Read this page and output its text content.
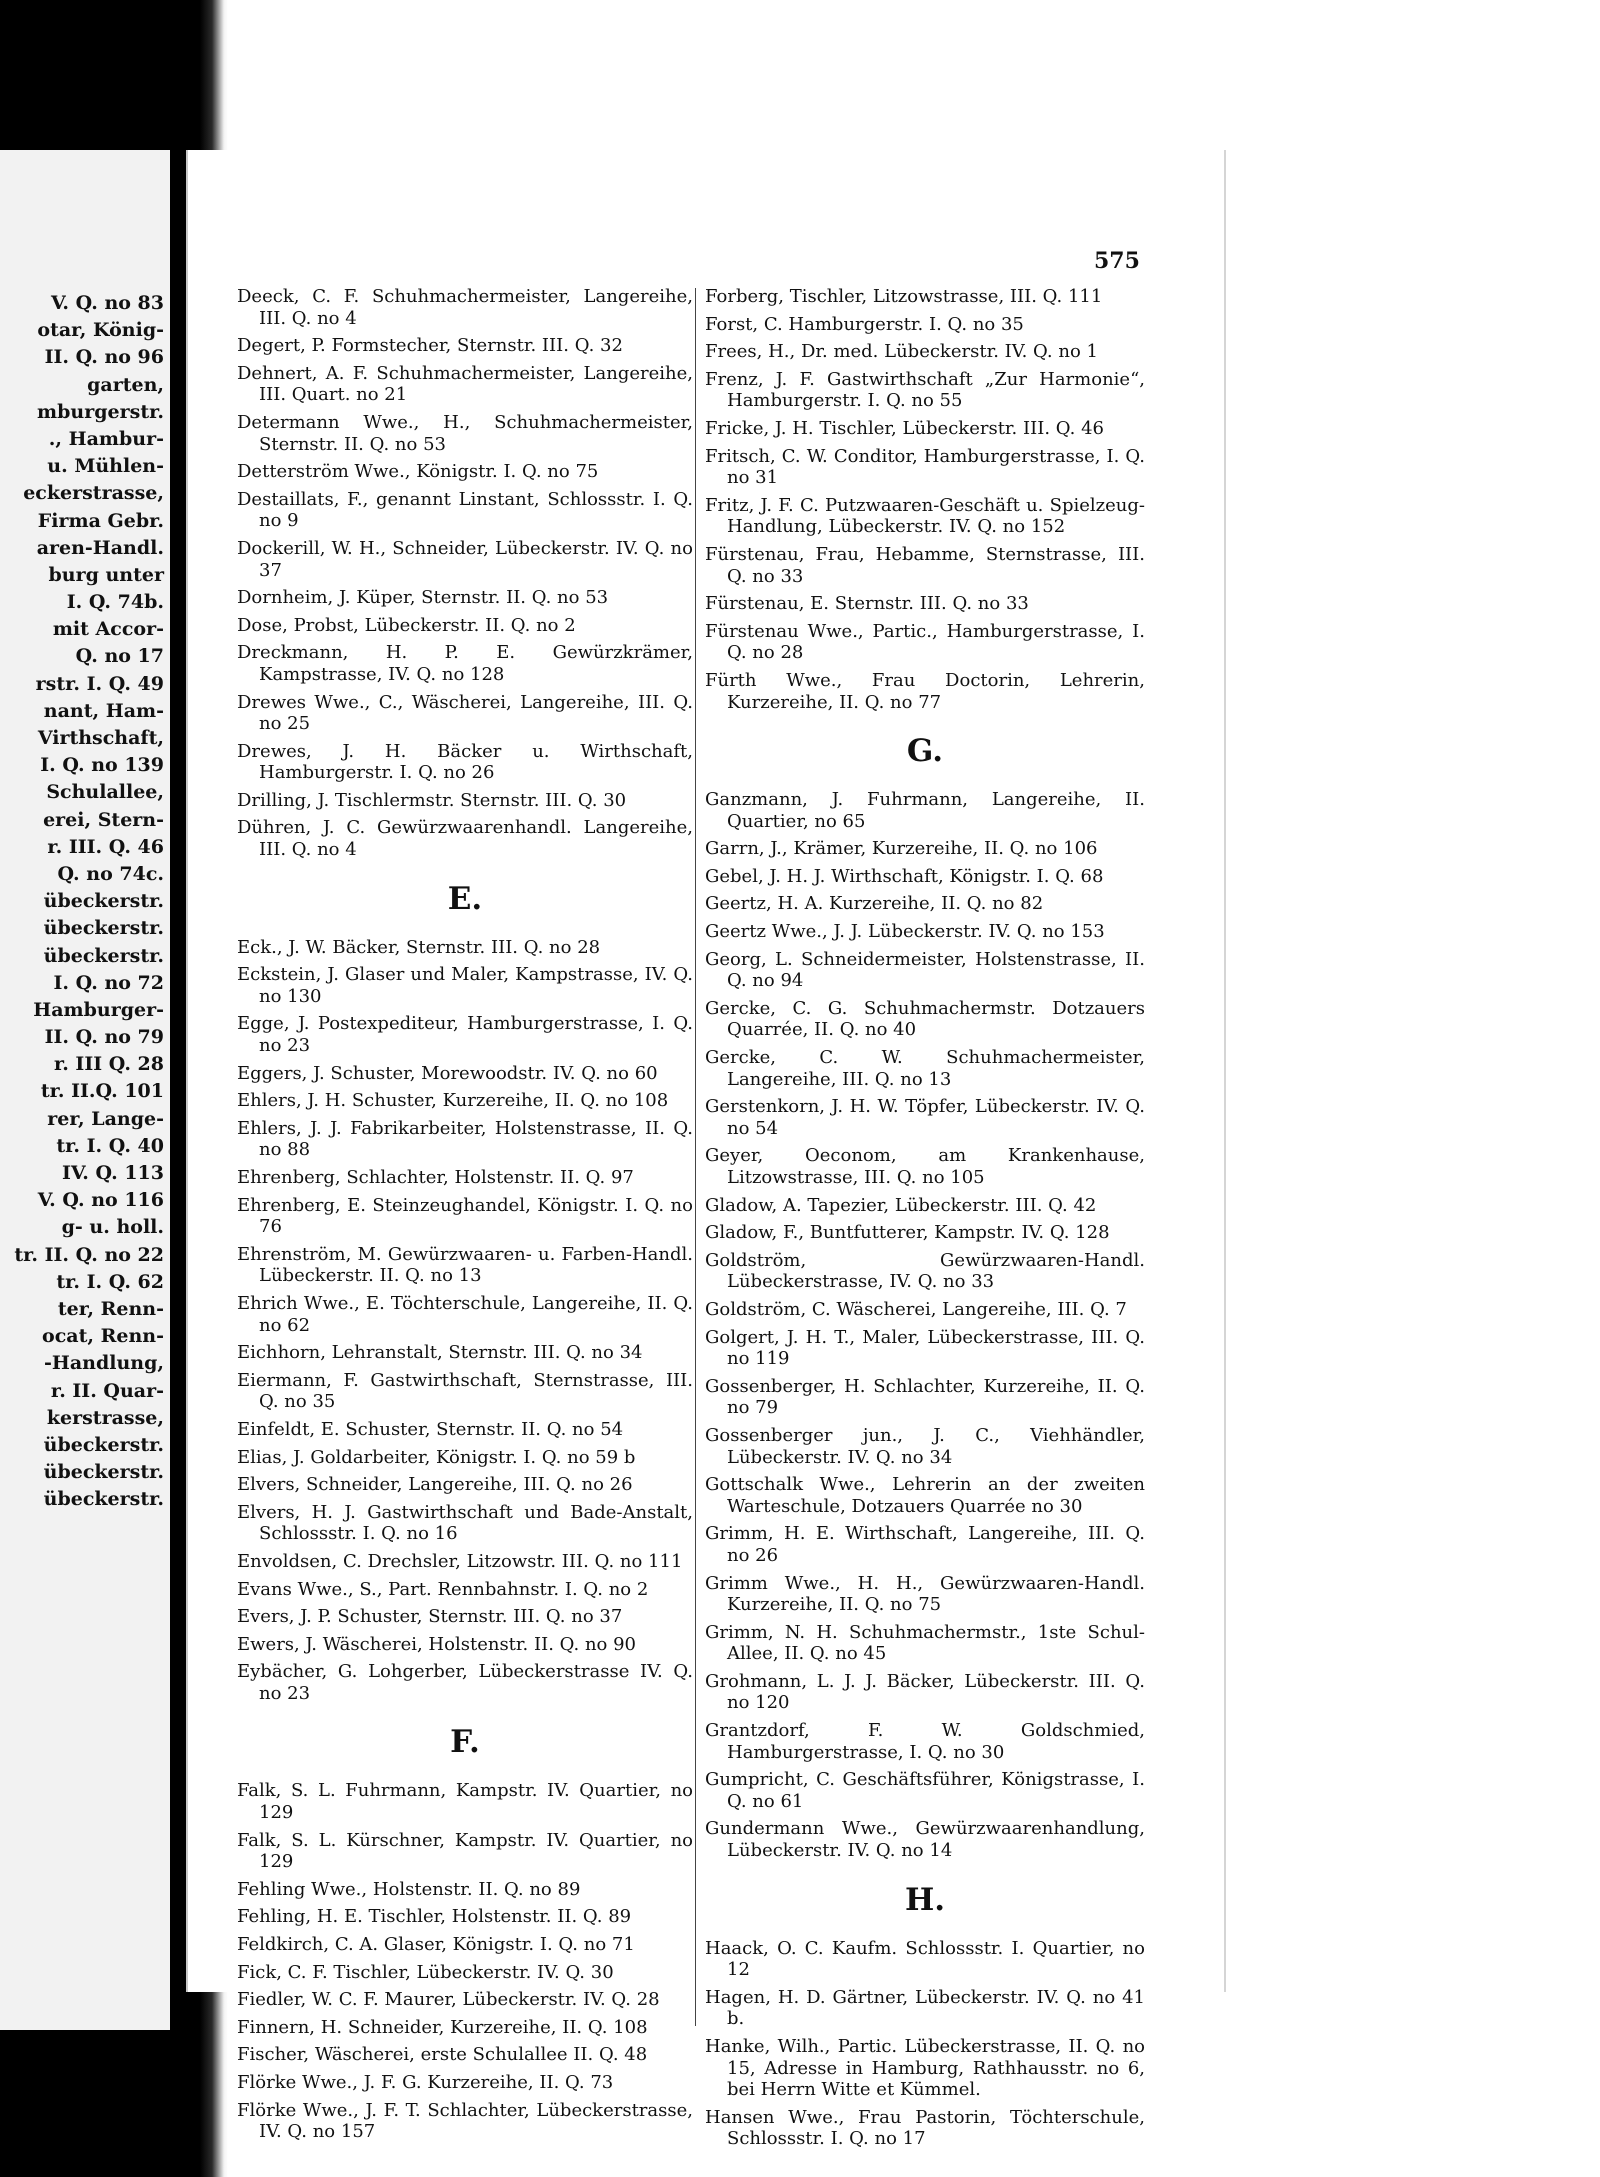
V. Q. no 83
otar, König-
II. Q. no 96
garten,
mburgerstr.
., Hambur-
u. Mühlen-
eckerstrasse,
Firma Gebr.
aren-Handl.
burg unter
I. Q. 74b.
mit Accor-
Q. no 17
rstr. I. Q. 49
nant, Ham-
Virthschaft,
I. Q. no 139
Schulallee,
erei, Stern-
r. III. Q. 46
Q. no 74c.
übeckerstr.
übeckerstr.
übeckerstr.
I. Q. no 72
Hamburger-
II. Q. no 79
r. III Q. 28
tr. II.Q. 101
rer, Lange-
tr. I. Q. 40
IV. Q. 113
V. Q. no 116
g- u. holl.
tr. II. Q. no 22
tr. I. Q. 62
ter, Renn-
ocat, Renn-
-Handlung,
r. II. Quar-
kerstrasse,
übeckerstr.
übeckerstr.
übeckerstr.
575
Deeck, C. F. Schuhmachermeister, Langereihe, III. Q. no 4
Degert, P. Formstecher, Sternstr. III. Q. 32
Dehnert, A. F. Schuhmachermeister, Langereihe, III. Quart. no 21
Determann Wwe., H., Schuhmachermeister, Sternstr. II. Q. no 53
Detterström Wwe., Königstr. I. Q. no 75
Destaillats, F., genannt Linstant, Schlossstr. I. Q. no 9
Dockerill, W. H., Schneider, Lübeckerstr. IV. Q. no 37
Dornheim, J. Küper, Sternstr. II. Q. no 53
Dose, Probst, Lübeckerstr. II. Q. no 2
Dreckmann, H. P. E. Gewürzkrämer, Kampstrasse, IV. Q. no 128
Drewes Wwe., C., Wäscherei, Langereihe, III. Q. no 25
Drewes, J. H. Bäcker u. Wirthschaft, Hamburgerstr. I. Q. no 26
Drilling, J. Tischlermstr. Sternstr. III. Q. 30
Dühren, J. C. Gewürzwaarenhandl. Langereihe, III. Q. no 4
E.
Eck., J. W. Bäcker, Sternstr. III. Q. no 28
Eckstein, J. Glaser und Maler, Kampstrasse, IV. Q. no 130
Egge, J. Postexpediteur, Hamburgerstrasse, I. Q. no 23
Eggers, J. Schuster, Morewoodstr. IV. Q. no 60
Ehlers, J. H. Schuster, Kurzereihe, II. Q. no 108
Ehlers, J. J. Fabrikarbeiter, Holstenstrasse, II. Q. no 88
Ehrenberg, Schlachter, Holstenstr. II. Q. 97
Ehrenberg, E. Steinzeughandel, Königstr. I. Q. no 76
Ehrenström, M. Gewürzwaaren- u. Farben-Handl. Lübeckerstr. II. Q. no 13
Ehrich Wwe., E. Töchterschule, Langereihe, II. Q. no 62
Eichhorn, Lehranstalt, Sternstr. III. Q. no 34
Eiermann, F. Gastwirthschaft, Sternstrasse, III. Q. no 35
Einfeldt, E. Schuster, Sternstr. II. Q. no 54
Elias, J. Goldarbeiter, Königstr. I. Q. no 59 b
Elvers, Schneider, Langereihe, III. Q. no 26
Elvers, H. J. Gastwirthschaft und Bade-Anstalt, Schlossstr. I. Q. no 16
Envoldsen, C. Drechsler, Litzowstr. III. Q. no 111
Evans Wwe., S., Part. Rennbahnstr. I. Q. no 2
Evers, J. P. Schuster, Sternstr. III. Q. no 37
Ewers, J. Wäscherei, Holstenstr. II. Q. no 90
Eybächer, G. Lohgerber, Lübeckerstrasse IV. Q. no 23
F.
Falk, S. L. Fuhrmann, Kampstr. IV. Quartier, no 129
Falk, S. L. Kürschner, Kampstr. IV. Quartier, no 129
Fehling Wwe., Holstenstr. II. Q. no 89
Fehling, H. E. Tischler, Holstenstr. II. Q. 89
Feldkirch, C. A. Glaser, Königstr. I. Q. no 71
Fick, C. F. Tischler, Lübeckerstr. IV. Q. 30
Fiedler, W. C. F. Maurer, Lübeckerstr. IV. Q. 28
Finnern, H. Schneider, Kurzereihe, II. Q. 108
Fischer, Wäscherei, erste Schulallee II. Q. 48
Flörke Wwe., J. F. G. Kurzereihe, II. Q. 73
Flörke Wwe., J. F. T. Schlachter, Lübeckerstrasse, IV. Q. no 157
Forberg, Tischler, Litzowstrasse, III. Q. 111
Forst, C. Hamburgerstr. I. Q. no 35
Frees, H., Dr. med. Lübeckerstr. IV. Q. no 1
Frenz, J. F. Gastwirthschaft „Zur Harmonie“, Hamburgerstr. I. Q. no 55
Fricke, J. H. Tischler, Lübeckerstr. III. Q. 46
Fritsch, C. W. Conditor, Hamburgerstrasse, I. Q. no 31
Fritz, J. F. C. Putzwaaren-Geschäft u. Spielzeug-Handlung, Lübeckerstr. IV. Q. no 152
Fürstenau, Frau, Hebamme, Sternstrasse, III. Q. no 33
Fürstenau, E. Sternstr. III. Q. no 33
Fürstenau Wwe., Partic., Hamburgerstrasse, I. Q. no 28
Fürth Wwe., Frau Doctorin, Lehrerin, Kurzereihe, II. Q. no 77
G.
Ganzmann, J. Fuhrmann, Langereihe, II. Quartier, no 65
Garrn, J., Krämer, Kurzereihe, II. Q. no 106
Gebel, J. H. J. Wirthschaft, Königstr. I. Q. 68
Geertz, H. A. Kurzereihe, II. Q. no 82
Geertz Wwe., J. J. Lübeckerstr. IV. Q. no 153
Georg, L. Schneidermeister, Holstenstrasse, II. Q. no 94
Gercke, C. G. Schuhmachermstr. Dotzauers Quarrée, II. Q. no 40
Gercke, C. W. Schuhmachermeister, Langereihe, III. Q. no 13
Gerstenkorn, J. H. W. Töpfer, Lübeckerstr. IV. Q. no 54
Geyer, Oeconom, am Krankenhause, Litzowstrasse, III. Q. no 105
Gladow, A. Tapezier, Lübeckerstr. III. Q. 42
Gladow, F., Buntfutterer, Kampstr. IV. Q. 128
Goldström, Gewürzwaaren-Handl. Lübeckerstrasse, IV. Q. no 33
Goldström, C. Wäscherei, Langereihe, III. Q. 7
Golgert, J. H. T., Maler, Lübeckerstrasse, III. Q. no 119
Gossenberger, H. Schlachter, Kurzereihe, II. Q. no 79
Gossenberger jun., J. C., Viehhändler, Lübeckerstr. IV. Q. no 34
Gottschalk Wwe., Lehrerin an der zweiten Warteschule, Dotzauers Quarrée no 30
Grimm, H. E. Wirthschaft, Langereihe, III. Q. no 26
Grimm Wwe., H. H., Gewürzwaaren-Handl. Kurzereihe, II. Q. no 75
Grimm, N. H. Schuhmachermstr., 1ste Schul-Allee, II. Q. no 45
Grohmann, L. J. J. Bäcker, Lübeckerstr. III. Q. no 120
Grantzdorf, F. W. Goldschmied, Hamburgerstrasse, I. Q. no 30
Gumpricht, C. Geschäftsführer, Königstrasse, I. Q. no 61
Gundermann Wwe., Gewürzwaarenhandlung, Lübeckerstr. IV. Q. no 14
H.
Haack, O. C. Kaufm. Schlossstr. I. Quartier, no 12
Hagen, H. D. Gärtner, Lübeckerstr. IV. Q. no 41 b.
Hanke, Wilh., Partic. Lübeckerstrasse, II. Q. no 15, Adresse in Hamburg, Rathhausstr. no 6, bei Herrn Witte et Kümmel.
Hansen Wwe., Frau Pastorin, Töchterschule, Schlossstr. I. Q. no 17
